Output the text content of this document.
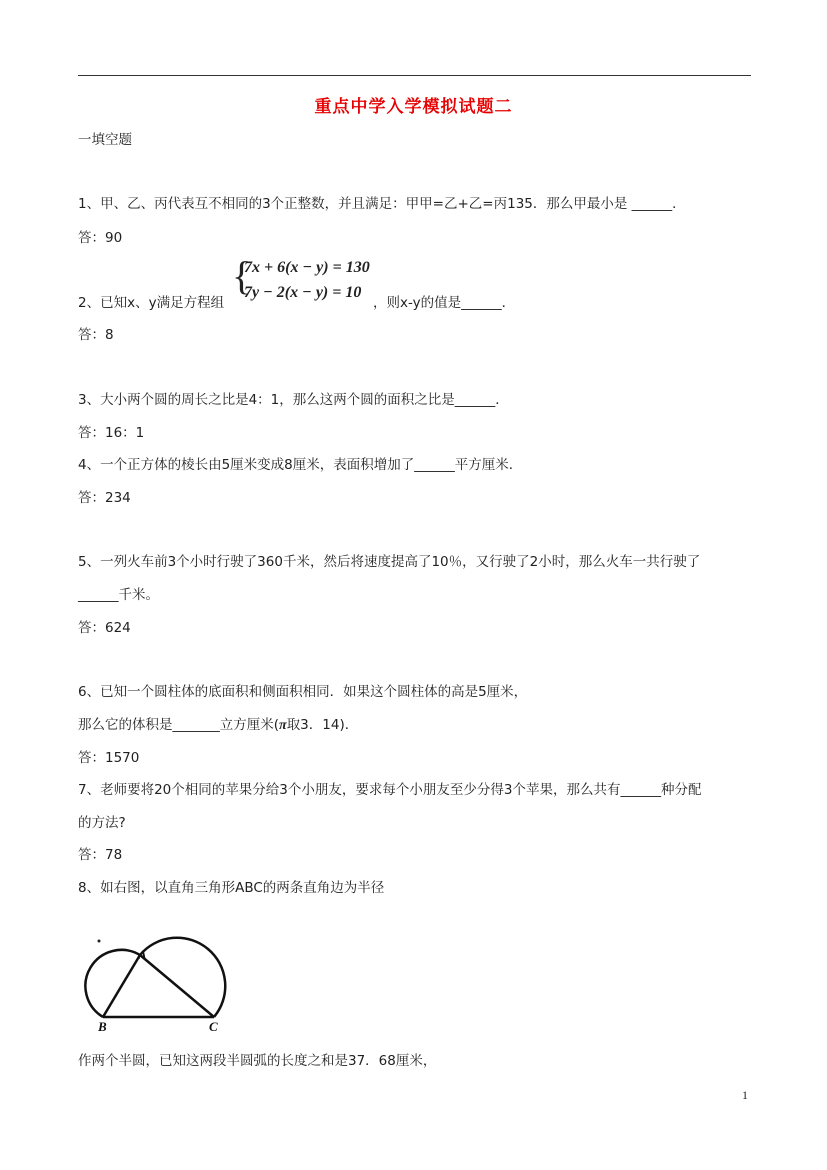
重点中学入学模拟试题二
一填空题
1、甲、乙、丙代表互不相同的3个正整数，并且满足：甲甲=乙+乙=丙135．那么甲最小是 ______．
答：90
{
7x + 6(x − y) = 130
7y − 2(x − y) = 10
2、已知x、y满足方程组	，则x-y的值是______．
答：8
3、大小两个圆的周长之比是4：1，那么这两个圆的面积之比是______．
答：16：1
4、一个正方体的棱长由5厘米变成8厘米，表面积增加了______平方厘米．
答：234
5、一列火车前3个小时行驶了360千米，然后将速度提高了10％，又行驶了2小时，那么火车一共行驶了
______千米。
答：624
6、已知一个圆柱体的底面积和侧面积相同．如果这个圆柱体的高是5厘米，
那么它的体积是_______立方厘米(π取3．14)．
答：1570
7、老师要将20个相同的苹果分给3个小朋友，要求每个小朋友至少分得3个苹果，那么共有______种分配
的方法?
答：78
8、如右图，以直角三角形ABC的两条直角边为半径
A
B	C
作两个半圆，已知这两段半圆弧的长度之和是37．68厘米，
1
